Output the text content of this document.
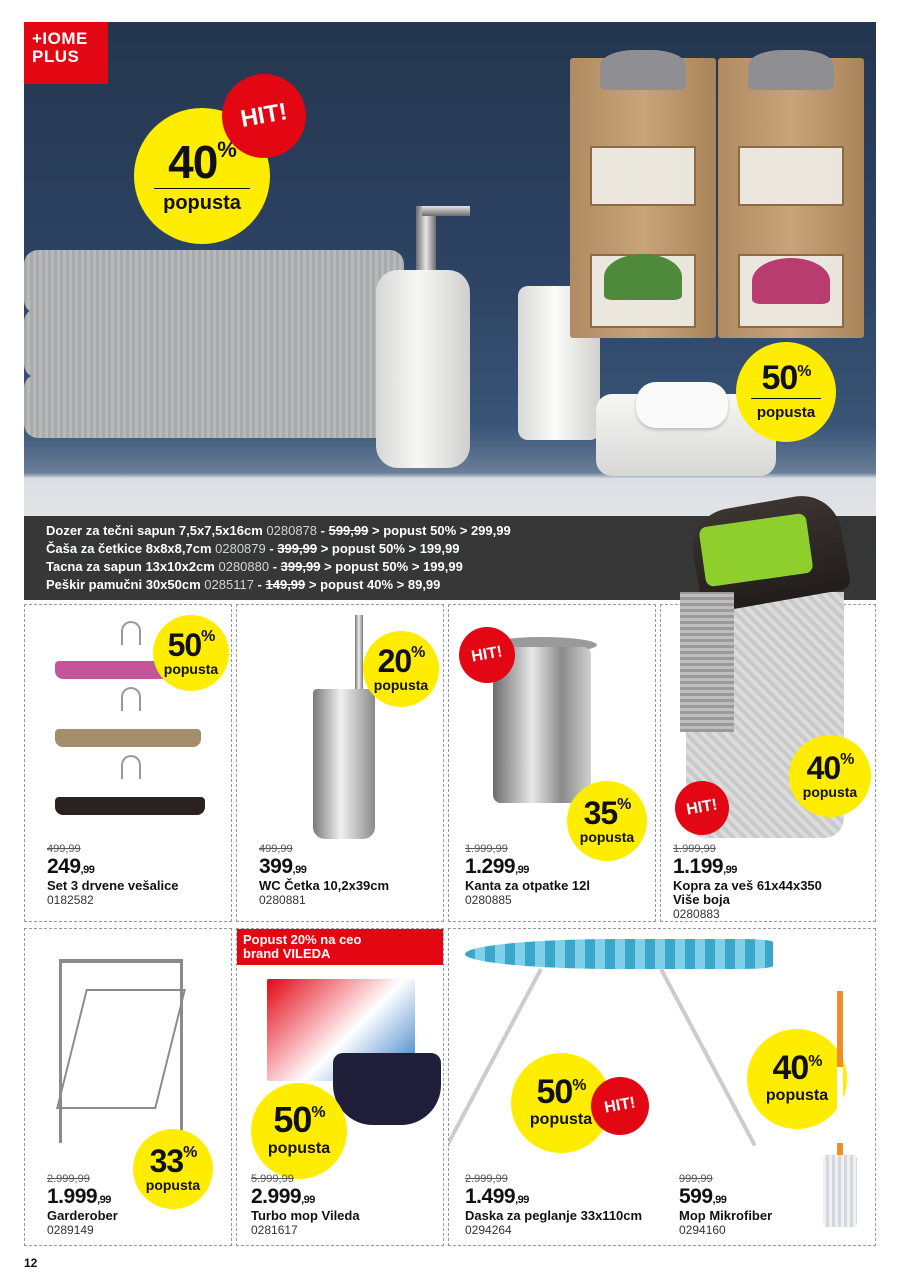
+IOME
PLUS
40%
popusta
HIT!
50%
popusta
Dozer za tečni sapun 7,5x7,5x16cm 0280878 - 599,99 > popust 50% > 299,99
Čaša za četkice 8x8x8,7cm 0280879 - 399,99 > popust 50% > 199,99
Tacna za sapun 13x10x2cm 0280880 - 399,99 > popust 50% > 199,99
Peškir pamučni 30x50cm 0285117 - 149,99 > popust 40% > 89,99
50%
popusta
499,99
249,99
Set 3 drvene vešalice
0182582
20%
popusta
499,99
399,99
WC Četka 10,2x39cm
0280881
HIT!
35%
popusta
1.999,99
1.299,99
Kanta za otpatke 12l
0280885
HIT!
40%
popusta
1.999,99
1.199,99
Kopra za veš 61x44x350
Više boja
0280883
33%
popusta
2.999,99
1.999,99
Garderober
0289149
Popust 20% na ceo
brand VILEDA
50%
popusta
5.999,99
2.999,99
Turbo mop Vileda
0281617
50%
popusta
HIT!
40%
popusta
2.999,99
1.499,99
Daska za peglanje 33x110cm
0294264
999,99
599,99
Mop Mikrofiber
0294160
12
